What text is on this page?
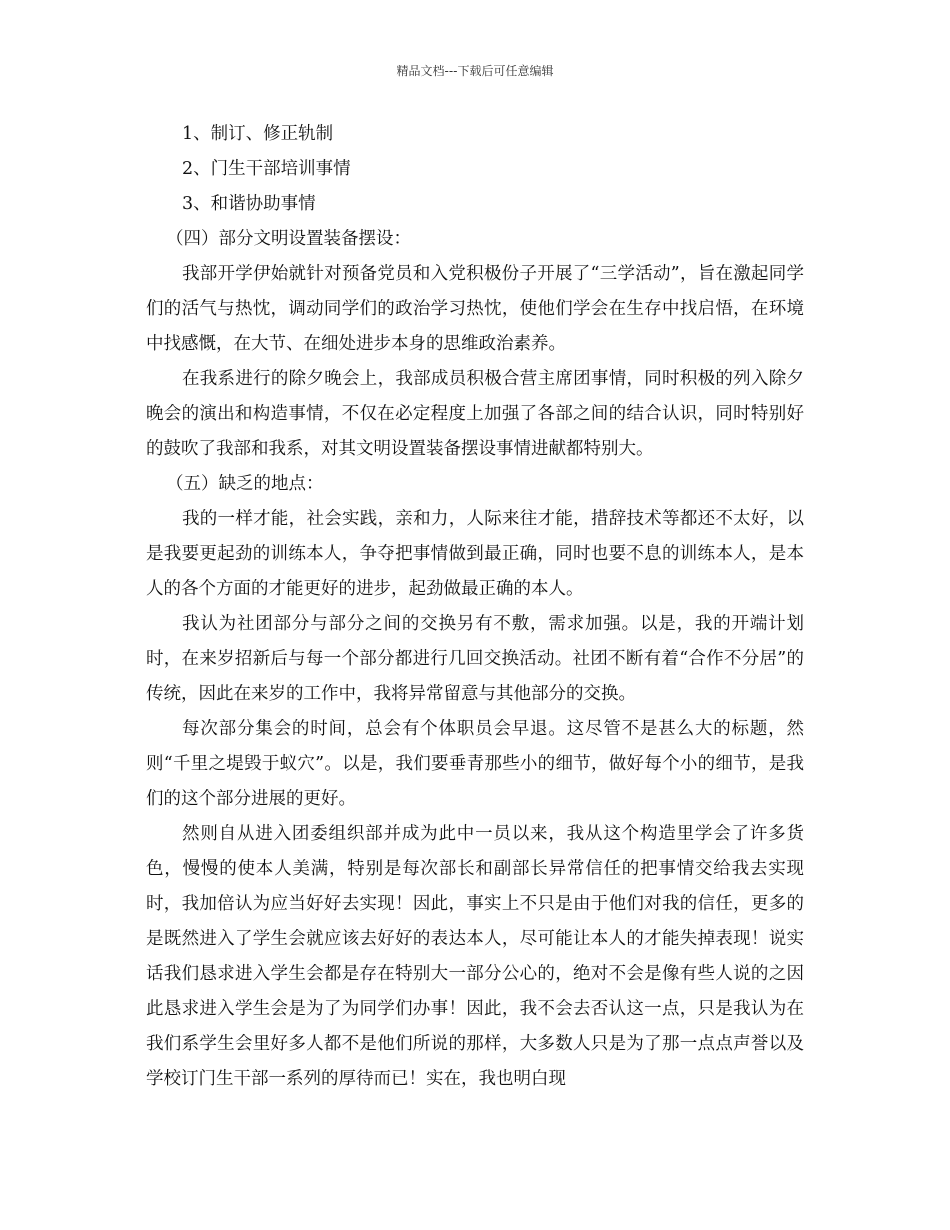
精品文档---下载后可任意编辑

1、制订、修正轨制

2、门生干部培训事情

3、和谐协助事情

（四）部分文明设置装备摆设：

我部开学伊始就针对预备党员和入党积极份子开展了“三学活动”，旨在激起同学们的活气与热忱，调动同学们的政治学习热忱，使他们学会在生存中找启悟，在环境中找感慨，在大节、在细处进步本身的思维政治素养。

在我系进行的除夕晚会上，我部成员积极合营主席团事情，同时积极的列入除夕晚会的演出和构造事情，不仅在必定程度上加强了各部之间的结合认识，同时特别好的鼓吹了我部和我系，对其文明设置装备摆设事情进献都特别大。

（五）缺乏的地点：

我的一样才能，社会实践，亲和力，人际来往才能，措辞技术等都还不太好，以是我要更起劲的训练本人，争夺把事情做到最正确，同时也要不息的训练本人，是本人的各个方面的才能更好的进步，起劲做最正确的本人。

我认为社团部分与部分之间的交换另有不敷，需求加强。以是，我的开端计划时，在来岁招新后与每一个部分都进行几回交换活动。社团不断有着“合作不分居”的传统，因此在来岁的工作中，我将异常留意与其他部分的交换。

每次部分集会的时间，总会有个体职员会早退。这尽管不是甚么大的标题，然则“千里之堤毁于蚁穴”。以是，我们要垂青那些小的细节，做好每个小的细节，是我们的这个部分进展的更好。

然则自从进入团委组织部并成为此中一员以来，我从这个构造里学会了许多货色，慢慢的使本人美满，特别是每次部长和副部长异常信任的把事情交给我去实现时，我加倍认为应当好好去实现！因此，事实上不只是由于他们对我的信任，更多的是既然进入了学生会就应该去好好的表达本人，尽可能让本人的才能失掉表现！说实话我们恳求进入学生会都是存在特别大一部分公心的，绝对不会是像有些人说的之因此恳求进入学生会是为了为同学们办事！因此，我不会去否认这一点，只是我认为在我们系学生会里好多人都不是他们所说的那样，大多数人只是为了那一点点声誉以及学校订门生干部一系列的厚待而已！实在，我也明白现
